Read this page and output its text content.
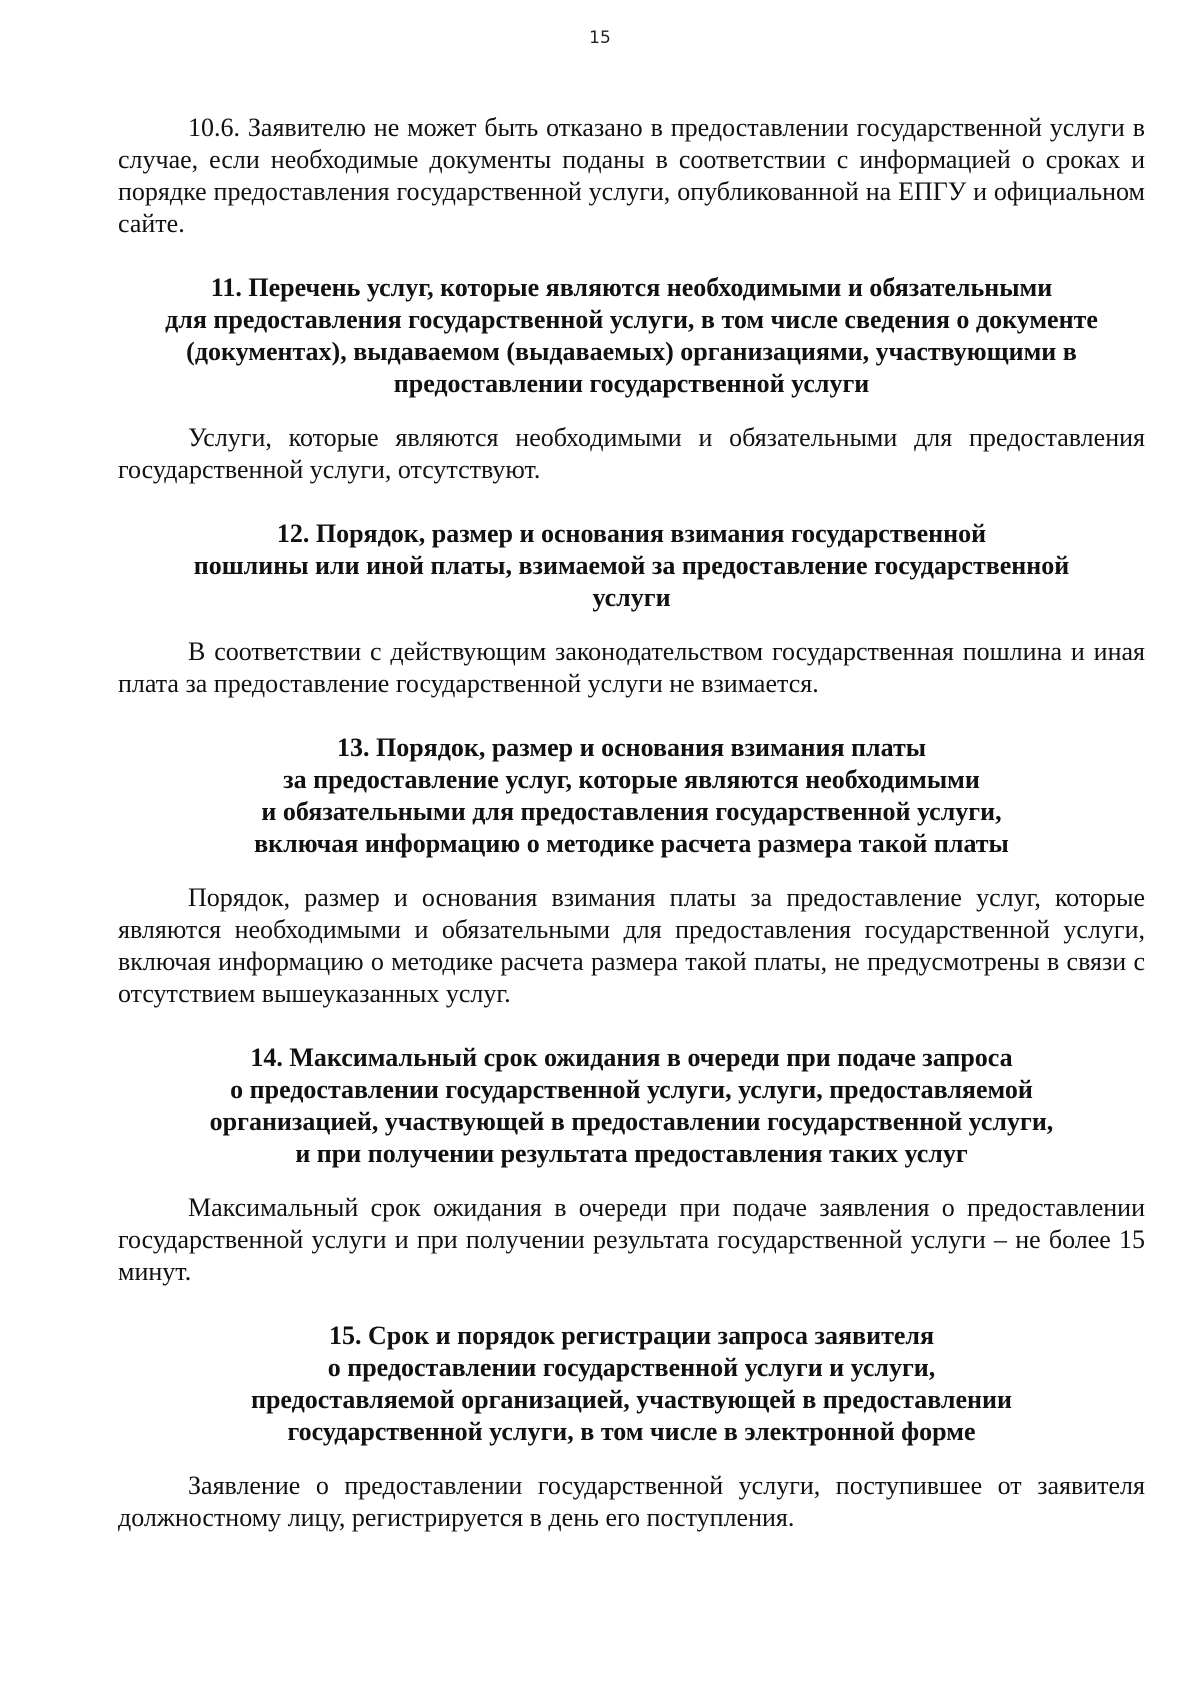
15

10.6. Заявителю не может быть отказано в предоставлении государственной услуги в случае, если необходимые документы поданы в соответствии с информацией о сроках и порядке предоставления государственной услуги, опубликованной на ЕПГУ и официальном сайте.

11. Перечень услуг, которые являются необходимыми и обязательными
для предоставления государственной услуги, в том числе сведения о документе
(документах), выдаваемом (выдаваемых) организациями, участвующими в
предоставлении государственной услуги

Услуги, которые являются необходимыми и обязательными для предоставления государственной услуги, отсутствуют.

12. Порядок, размер и основания взимания государственной
пошлины или иной платы, взимаемой за предоставление государственной
услуги

В соответствии с действующим законодательством государственная пошлина и иная плата за предоставление государственной услуги не взимается.

13. Порядок, размер и основания взимания платы
за предоставление услуг, которые являются необходимыми
и обязательными для предоставления государственной услуги,
включая информацию о методике расчета размера такой платы

Порядок, размер и основания взимания платы за предоставление услуг, которые являются необходимыми и обязательными для предоставления государственной услуги, включая информацию о методике расчета размера такой платы, не предусмотрены в связи с отсутствием вышеуказанных услуг.

14. Максимальный срок ожидания в очереди при подаче запроса
о предоставлении государственной услуги, услуги, предоставляемой
организацией, участвующей в предоставлении государственной услуги,
и при получении результата предоставления таких услуг

Максимальный срок ожидания в очереди при подаче заявления о предоставлении государственной услуги и при получении результата государственной услуги – не более 15 минут.

15. Срок и порядок регистрации запроса заявителя
о предоставлении государственной услуги и услуги,
предоставляемой организацией, участвующей в предоставлении
государственной услуги, в том числе в электронной форме

Заявление о предоставлении государственной услуги, поступившее от заявителя должностному лицу, регистрируется в день его поступления.
